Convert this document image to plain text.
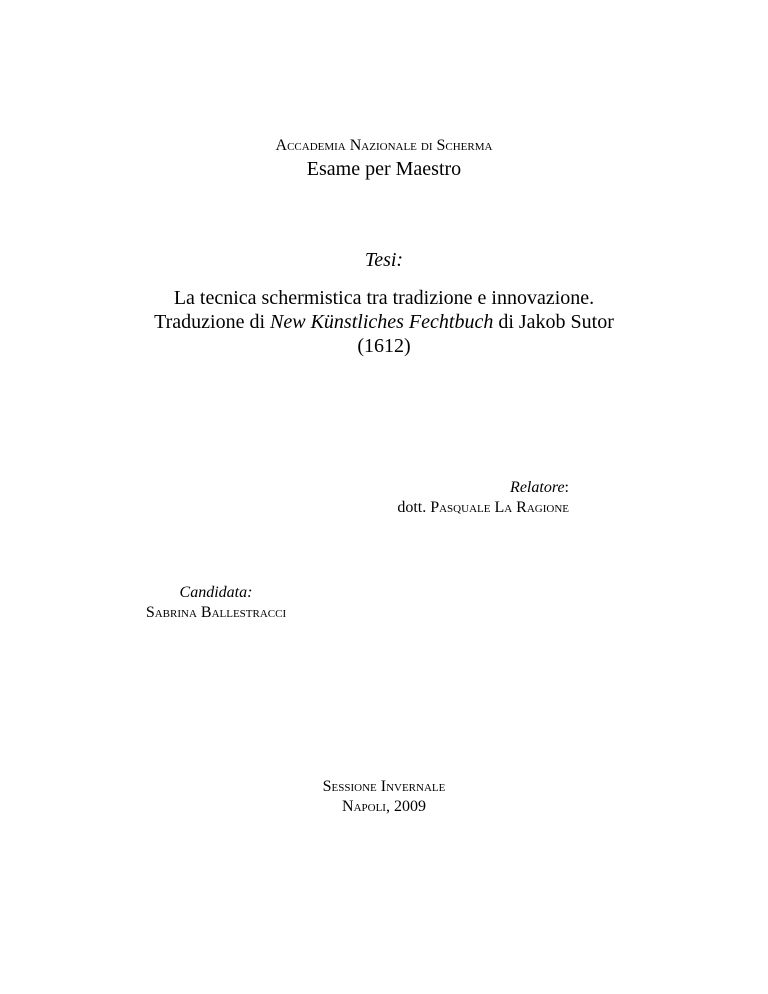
Accademia Nazionale di Scherma
Esame per Maestro
Tesi:
La tecnica schermistica tra tradizione e innovazione.
Traduzione di New Künstliches Fechtbuch di Jakob Sutor
(1612)
Relatore:
dott. Pasquale La Ragione
Candidata:
Sabrina Ballestracci
Sessione Invernale
Napoli, 2009
